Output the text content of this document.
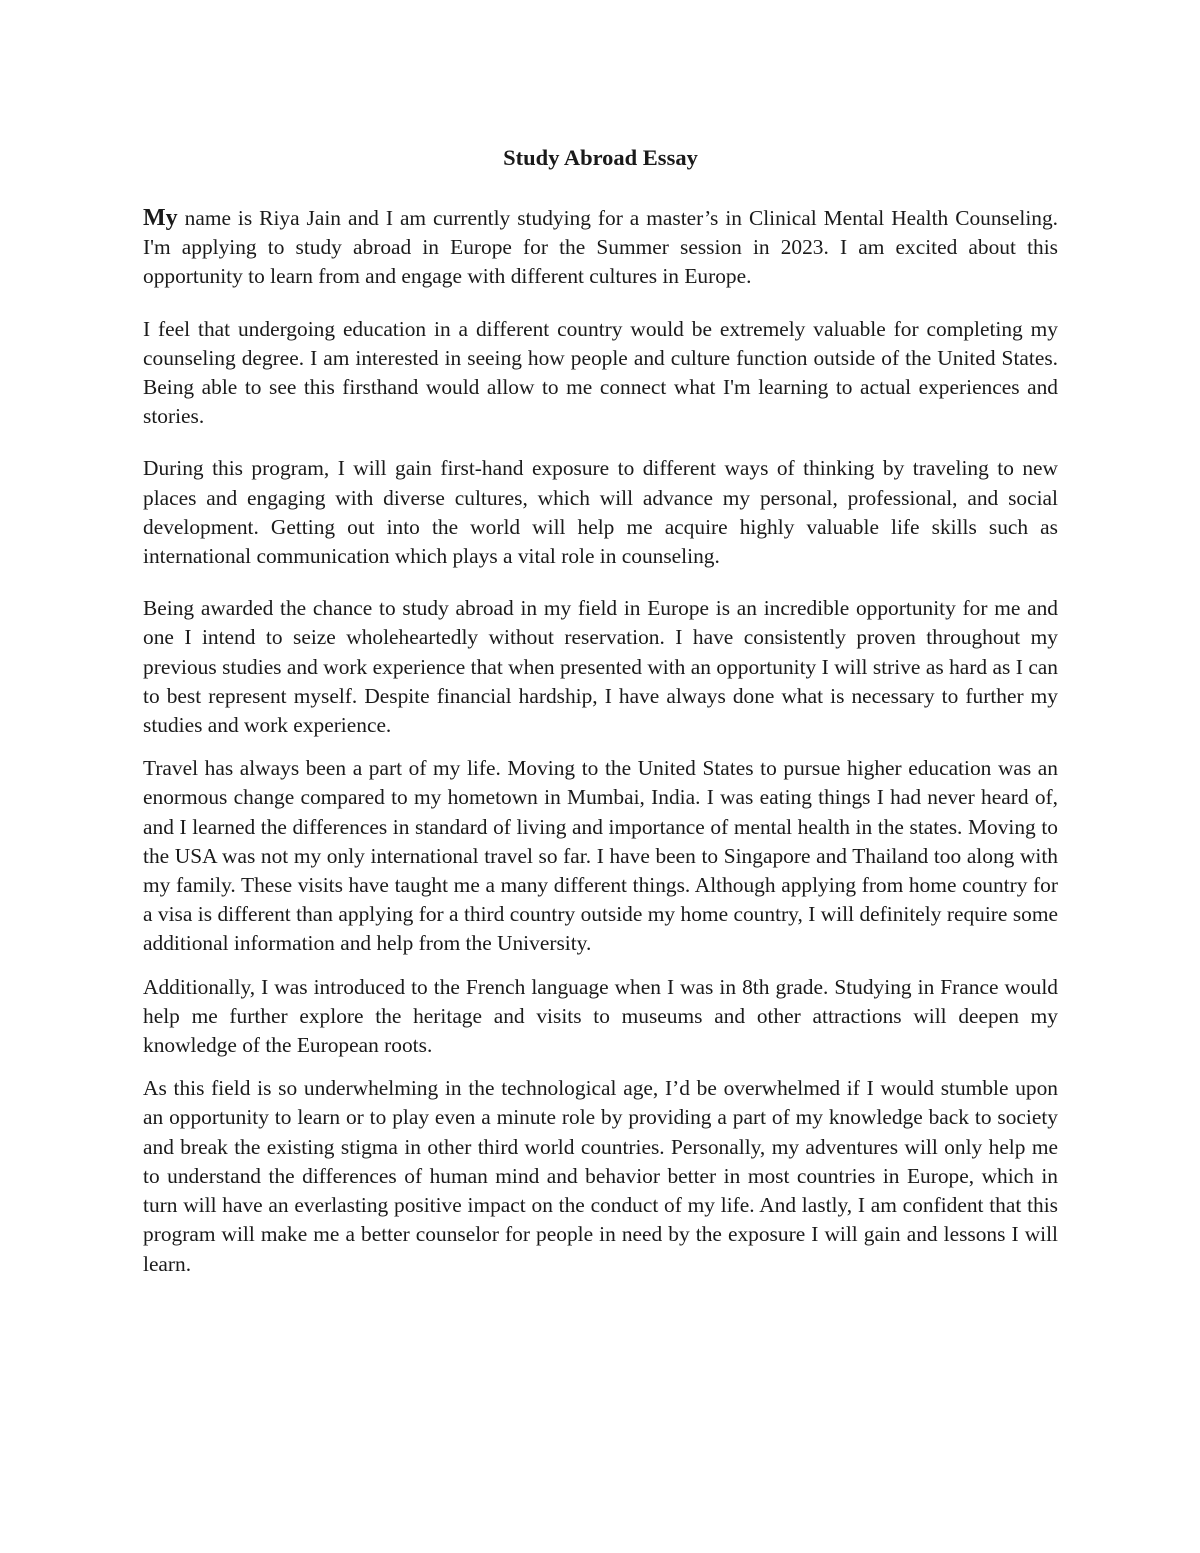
Study Abroad Essay

My name is Riya Jain and I am currently studying for a master’s in Clinical Mental Health Counseling. I'm applying to study abroad in Europe for the Summer session in 2023. I am excited about this opportunity to learn from and engage with different cultures in Europe.

I feel that undergoing education in a different country would be extremely valuable for completing my counseling degree. I am interested in seeing how people and culture function outside of the United States. Being able to see this firsthand would allow to me connect what I'm learning to actual experiences and stories.

During this program, I will gain first-hand exposure to different ways of thinking by traveling to new places and engaging with diverse cultures, which will advance my personal, professional, and social development. Getting out into the world will help me acquire highly valuable life skills such as international communication which plays a vital role in counseling.

Being awarded the chance to study abroad in my field in Europe is an incredible opportunity for me and one I intend to seize wholeheartedly without reservation. I have consistently proven throughout my previous studies and work experience that when presented with an opportunity I will strive as hard as I can to best represent myself. Despite financial hardship, I have always done what is necessary to further my studies and work experience.

Travel has always been a part of my life. Moving to the United States to pursue higher education was an enormous change compared to my hometown in Mumbai, India. I was eating things I had never heard of, and I learned the differences in standard of living and importance of mental health in the states. Moving to the USA was not my only international travel so far. I have been to Singapore and Thailand too along with my family. These visits have taught me a many different things. Although applying from home country for a visa is different than applying for a third country outside my home country, I will definitely require some additional information and help from the University.

Additionally, I was introduced to the French language when I was in 8th grade. Studying in France would help me further explore the heritage and visits to museums and other attractions will deepen my knowledge of the European roots.

As this field is so underwhelming in the technological age, I’d be overwhelmed if I would stumble upon an opportunity to learn or to play even a minute role by providing a part of my knowledge back to society and break the existing stigma in other third world countries. Personally, my adventures will only help me to understand the differences of human mind and behavior better in most countries in Europe, which in turn will have an everlasting positive impact on the conduct of my life. And lastly, I am confident that this program will make me a better counselor for people in need by the exposure I will gain and lessons I will learn.
